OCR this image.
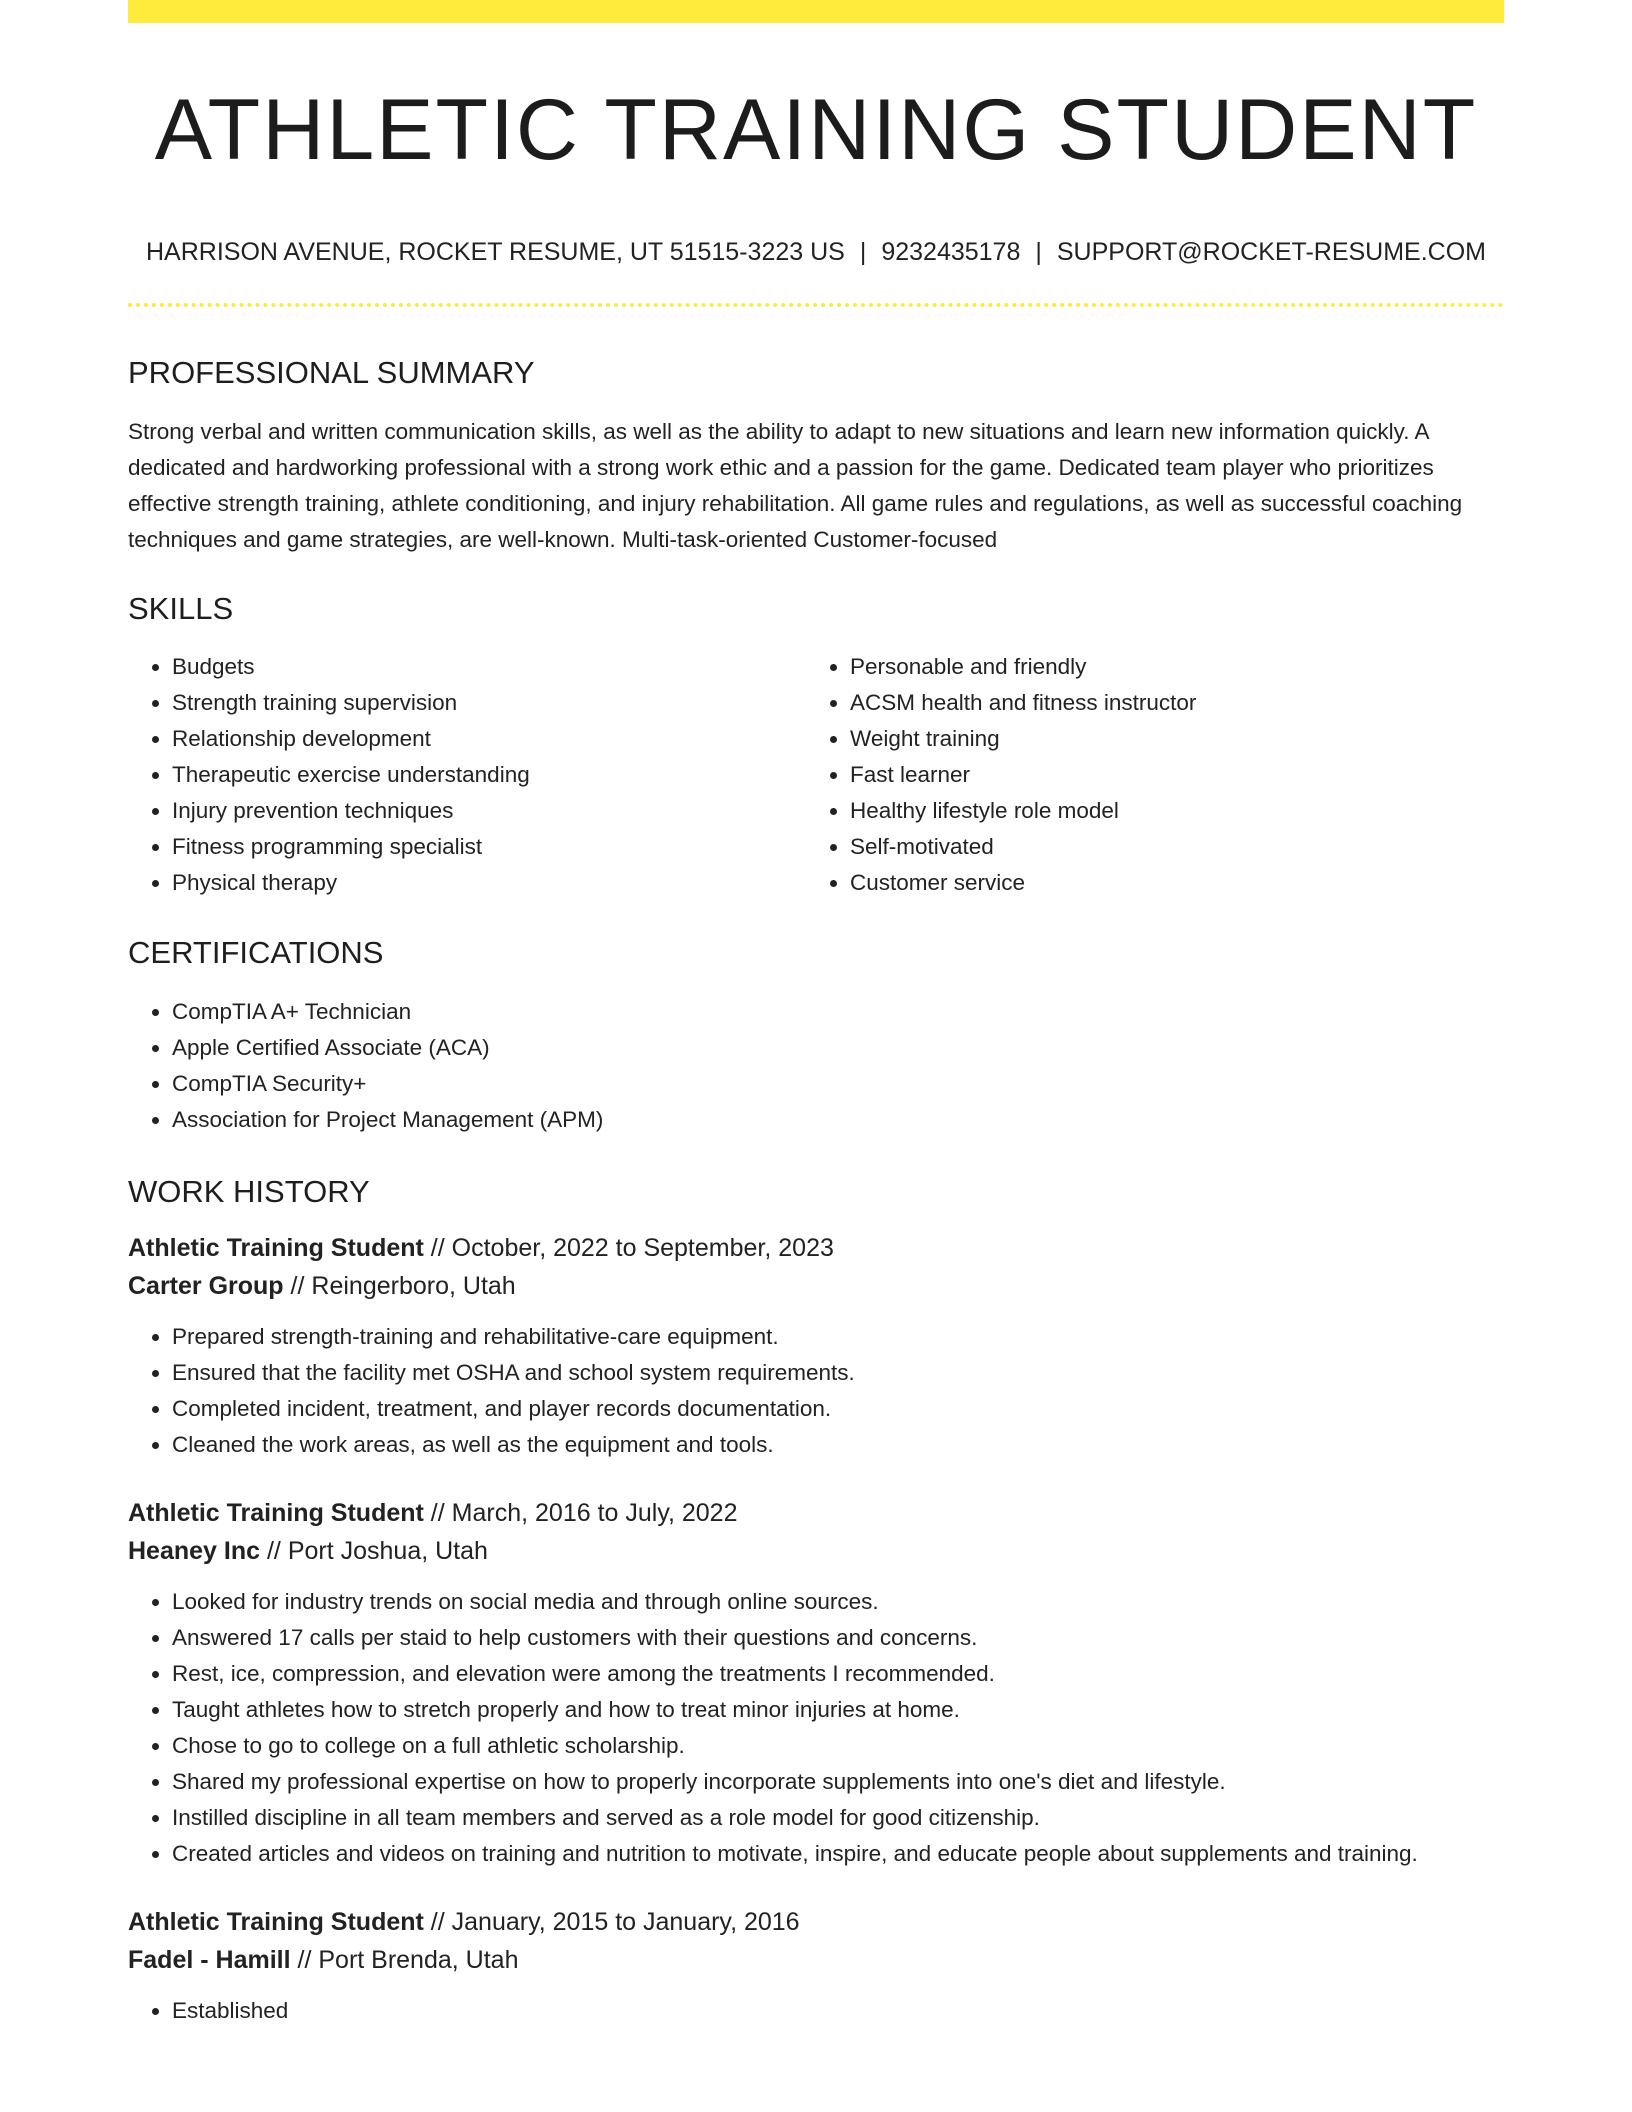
ATHLETIC TRAINING STUDENT
HARRISON AVENUE, ROCKET RESUME, UT 51515-3223 US | 9232435178 | SUPPORT@ROCKET-RESUME.COM
PROFESSIONAL SUMMARY

Strong verbal and written communication skills, as well as the ability to adapt to new situations and learn new information quickly. A dedicated and hardworking professional with a strong work ethic and a passion for the game. Dedicated team player who prioritizes effective strength training, athlete conditioning, and injury rehabilitation. All game rules and regulations, as well as successful coaching techniques and game strategies, are well-known. Multi-task-oriented Customer-focused

SKILLS
• Budgets
• Strength training supervision
• Relationship development
• Therapeutic exercise understanding
• Injury prevention techniques
• Fitness programming specialist
• Physical therapy
• Personable and friendly
• ACSM health and fitness instructor
• Weight training
• Fast learner
• Healthy lifestyle role model
• Self-motivated
• Customer service
CERTIFICATIONS
• CompTIA A+ Technician
• Apple Certified Associate (ACA)
• CompTIA Security+
• Association for Project Management (APM)
WORK HISTORY
Athletic Training Student // October, 2022 to September, 2023
Carter Group // Reingerboro, Utah
• Prepared strength-training and rehabilitative-care equipment.
• Ensured that the facility met OSHA and school system requirements.
• Completed incident, treatment, and player records documentation.
• Cleaned the work areas, as well as the equipment and tools.
Athletic Training Student // March, 2016 to July, 2022
Heaney Inc // Port Joshua, Utah
• Looked for industry trends on social media and through online sources.
• Answered 17 calls per staid to help customers with their questions and concerns.
• Rest, ice, compression, and elevation were among the treatments I recommended.
• Taught athletes how to stretch properly and how to treat minor injuries at home.
• Chose to go to college on a full athletic scholarship.
• Shared my professional expertise on how to properly incorporate supplements into one's diet and lifestyle.
• Instilled discipline in all team members and served as a role model for good citizenship.
• Created articles and videos on training and nutrition to motivate, inspire, and educate people about supplements and training.
Athletic Training Student // January, 2015 to January, 2016
Fadel - Hamill // Port Brenda, Utah
• Established
